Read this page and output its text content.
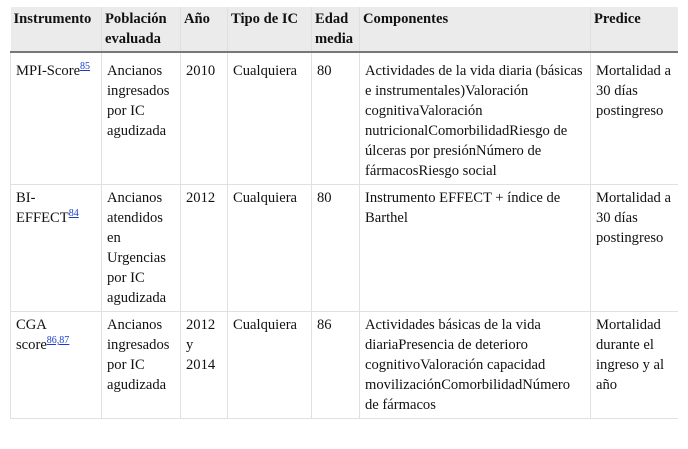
Instrumento	Población evaluada	Año	Tipo de IC	Edad media	Componentes	Predice
MPI-Score$^{85}$	Ancianos ingresados por IC agudizada	2010	Cualquiera	80	Actividades de la vida diaria (básicas e instrumentales)Valoración cognitivaValoración nutricionalComorbilidadRiesgo de úlceras por presiónNúmero de fármacosRiesgo social	Mortalidad a 30 días postingreso
BI-EFFECT$^{84}$	Ancianos atendidos en Urgencias por IC agudizada	2012	Cualquiera	80	Instrumento EFFECT + índice de Barthel	Mortalidad a 30 días postingreso
CGA score$^{86,87}$	Ancianos ingresados por IC agudizada	2012 y 2014	Cualquiera	86	Actividades básicas de la vida diariaPresencia de deterioro cognitivoValoración capacidad movilizaciónComorbilidadNúmero de fármacos	Mortalidad durante el ingreso y al año
